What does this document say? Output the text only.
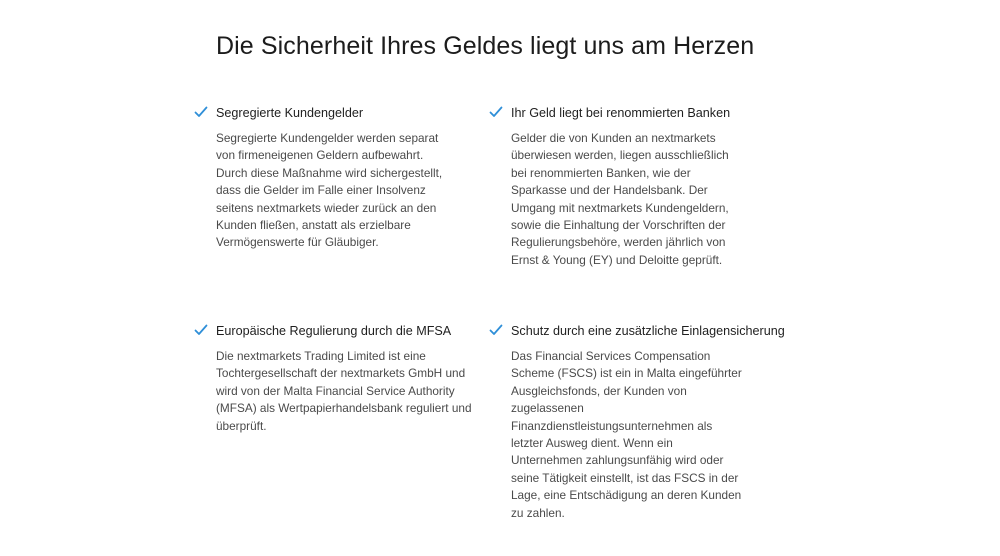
Die Sicherheit Ihres Geldes liegt uns am Herzen
Segregierte Kundengelder

Segregierte Kundengelder werden separat von firmeneigenen Geldern aufbewahrt. Durch diese Maßnahme wird sichergestellt, dass die Gelder im Falle einer Insolvenz seitens nextmarkets wieder zurück an den Kunden fließen, anstatt als erzielbare Vermögenswerte für Gläubiger.

Ihr Geld liegt bei renommierten Banken

Gelder die von Kunden an nextmarkets überwiesen werden, liegen ausschließlich bei renommierten Banken, wie der Sparkasse und der Handelsbank. Der Umgang mit nextmarkets Kundengeldern, sowie die Einhaltung der Vorschriften der Regulierungsbehöre, werden jährlich von Ernst & Young (EY) und Deloitte geprüft.

Europäische Regulierung durch die MFSA

Die nextmarkets Trading Limited ist eine Tochtergesellschaft der nextmarkets GmbH und wird von der Malta Financial Service Authority (MFSA) als Wertpapierhandelsbank reguliert und überprüft.

Schutz durch eine zusätzliche Einlagensicherung

Das Financial Services Compensation Scheme (FSCS) ist ein in Malta eingeführter Ausgleichsfonds, der Kunden von zugelassenen Finanzdienstleistungsunternehmen als letzter Ausweg dient. Wenn ein Unternehmen zahlungsunfähig wird oder seine Tätigkeit einstellt, ist das FSCS in der Lage, eine Entschädigung an deren Kunden zu zahlen.
